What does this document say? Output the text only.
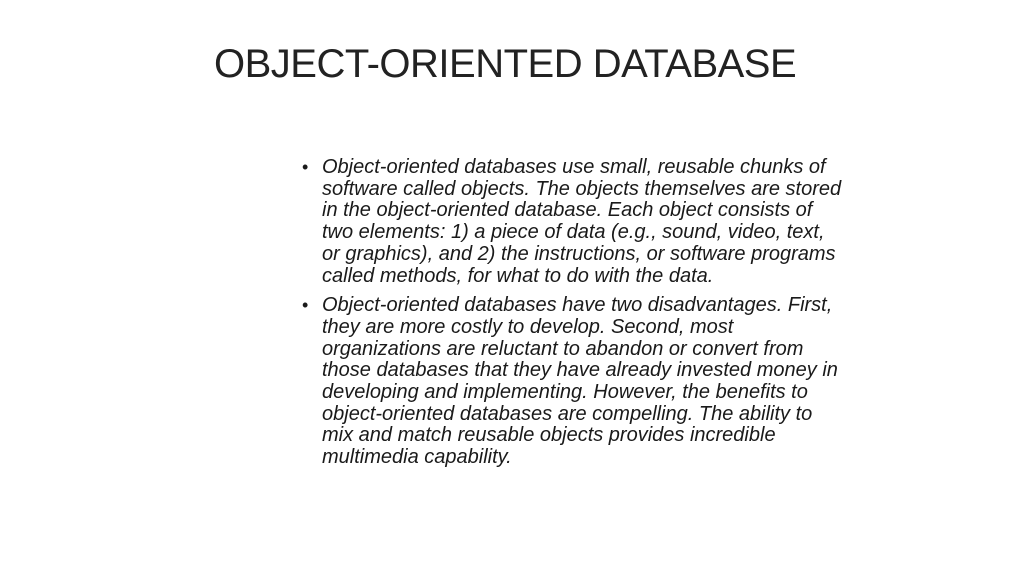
OBJECT-ORIENTED DATABASE
• Object-oriented databases use small, reusable chunks of software called objects. The objects themselves are stored in the object-oriented database. Each object consists of two elements: 1) a piece of data (e.g., sound, video, text, or graphics), and 2) the instructions, or software programs called methods, for what to do with the data.
• Object-oriented databases have two disadvantages. First, they are more costly to develop. Second, most organizations are reluctant to abandon or convert from those databases that they have already invested money in developing and implementing. However, the benefits to object-oriented databases are compelling. The ability to mix and match reusable objects provides incredible multimedia capability.
